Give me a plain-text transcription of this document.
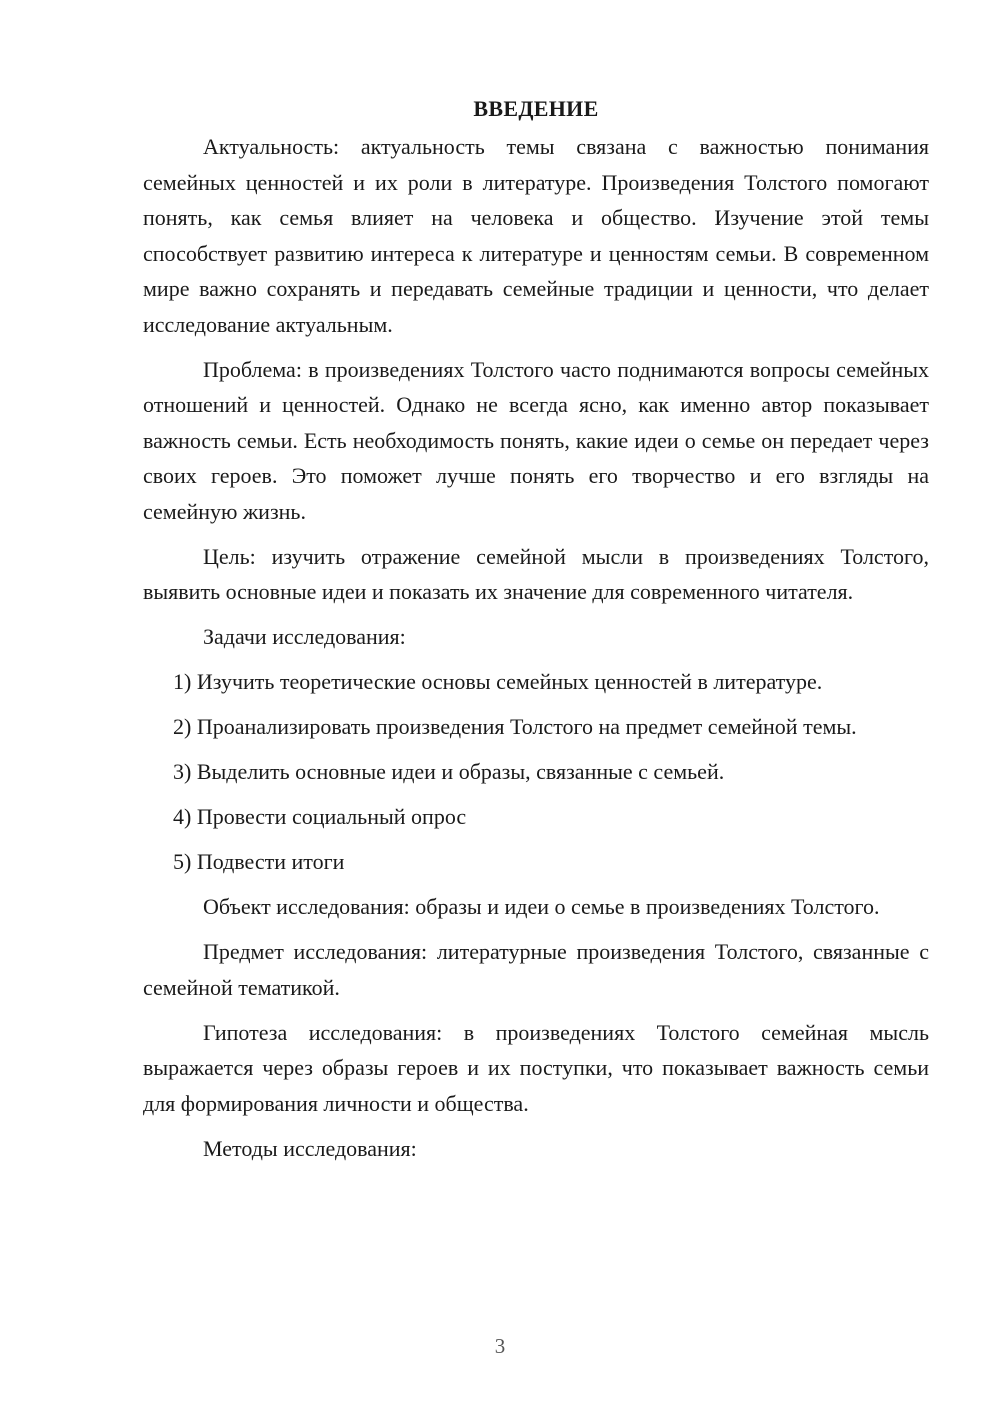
ВВЕДЕНИЕ

Актуальность: актуальность темы связана с важностью понимания семейных ценностей и их роли в литературе. Произведения Толстого помогают понять, как семья влияет на человека и общество. Изучение этой темы способствует развитию интереса к литературе и ценностям семьи. В современном мире важно сохранять и передавать семейные традиции и ценности, что делает исследование актуальным.

Проблема: в произведениях Толстого часто поднимаются вопросы семейных отношений и ценностей. Однако не всегда ясно, как именно автор показывает важность семьи. Есть необходимость понять, какие идеи о семье он передает через своих героев. Это поможет лучше понять его творчество и его взгляды на семейную жизнь.

Цель: изучить отражение семейной мысли в произведениях Толстого, выявить основные идеи и показать их значение для современного читателя.

Задачи исследования:

1) Изучить теоретические основы семейных ценностей в литературе.

2) Проанализировать произведения Толстого на предмет семейной темы.

3) Выделить основные идеи и образы, связанные с семьей.

4) Провести социальный опрос

5) Подвести итоги

Объект исследования: образы и идеи о семье в произведениях Толстого.

Предмет исследования: литературные произведения Толстого, связанные с семейной тематикой.

Гипотеза исследования: в произведениях Толстого семейная мысль выражается через образы героев и их поступки, что показывает важность семьи для формирования личности и общества.

Методы исследования:

3
